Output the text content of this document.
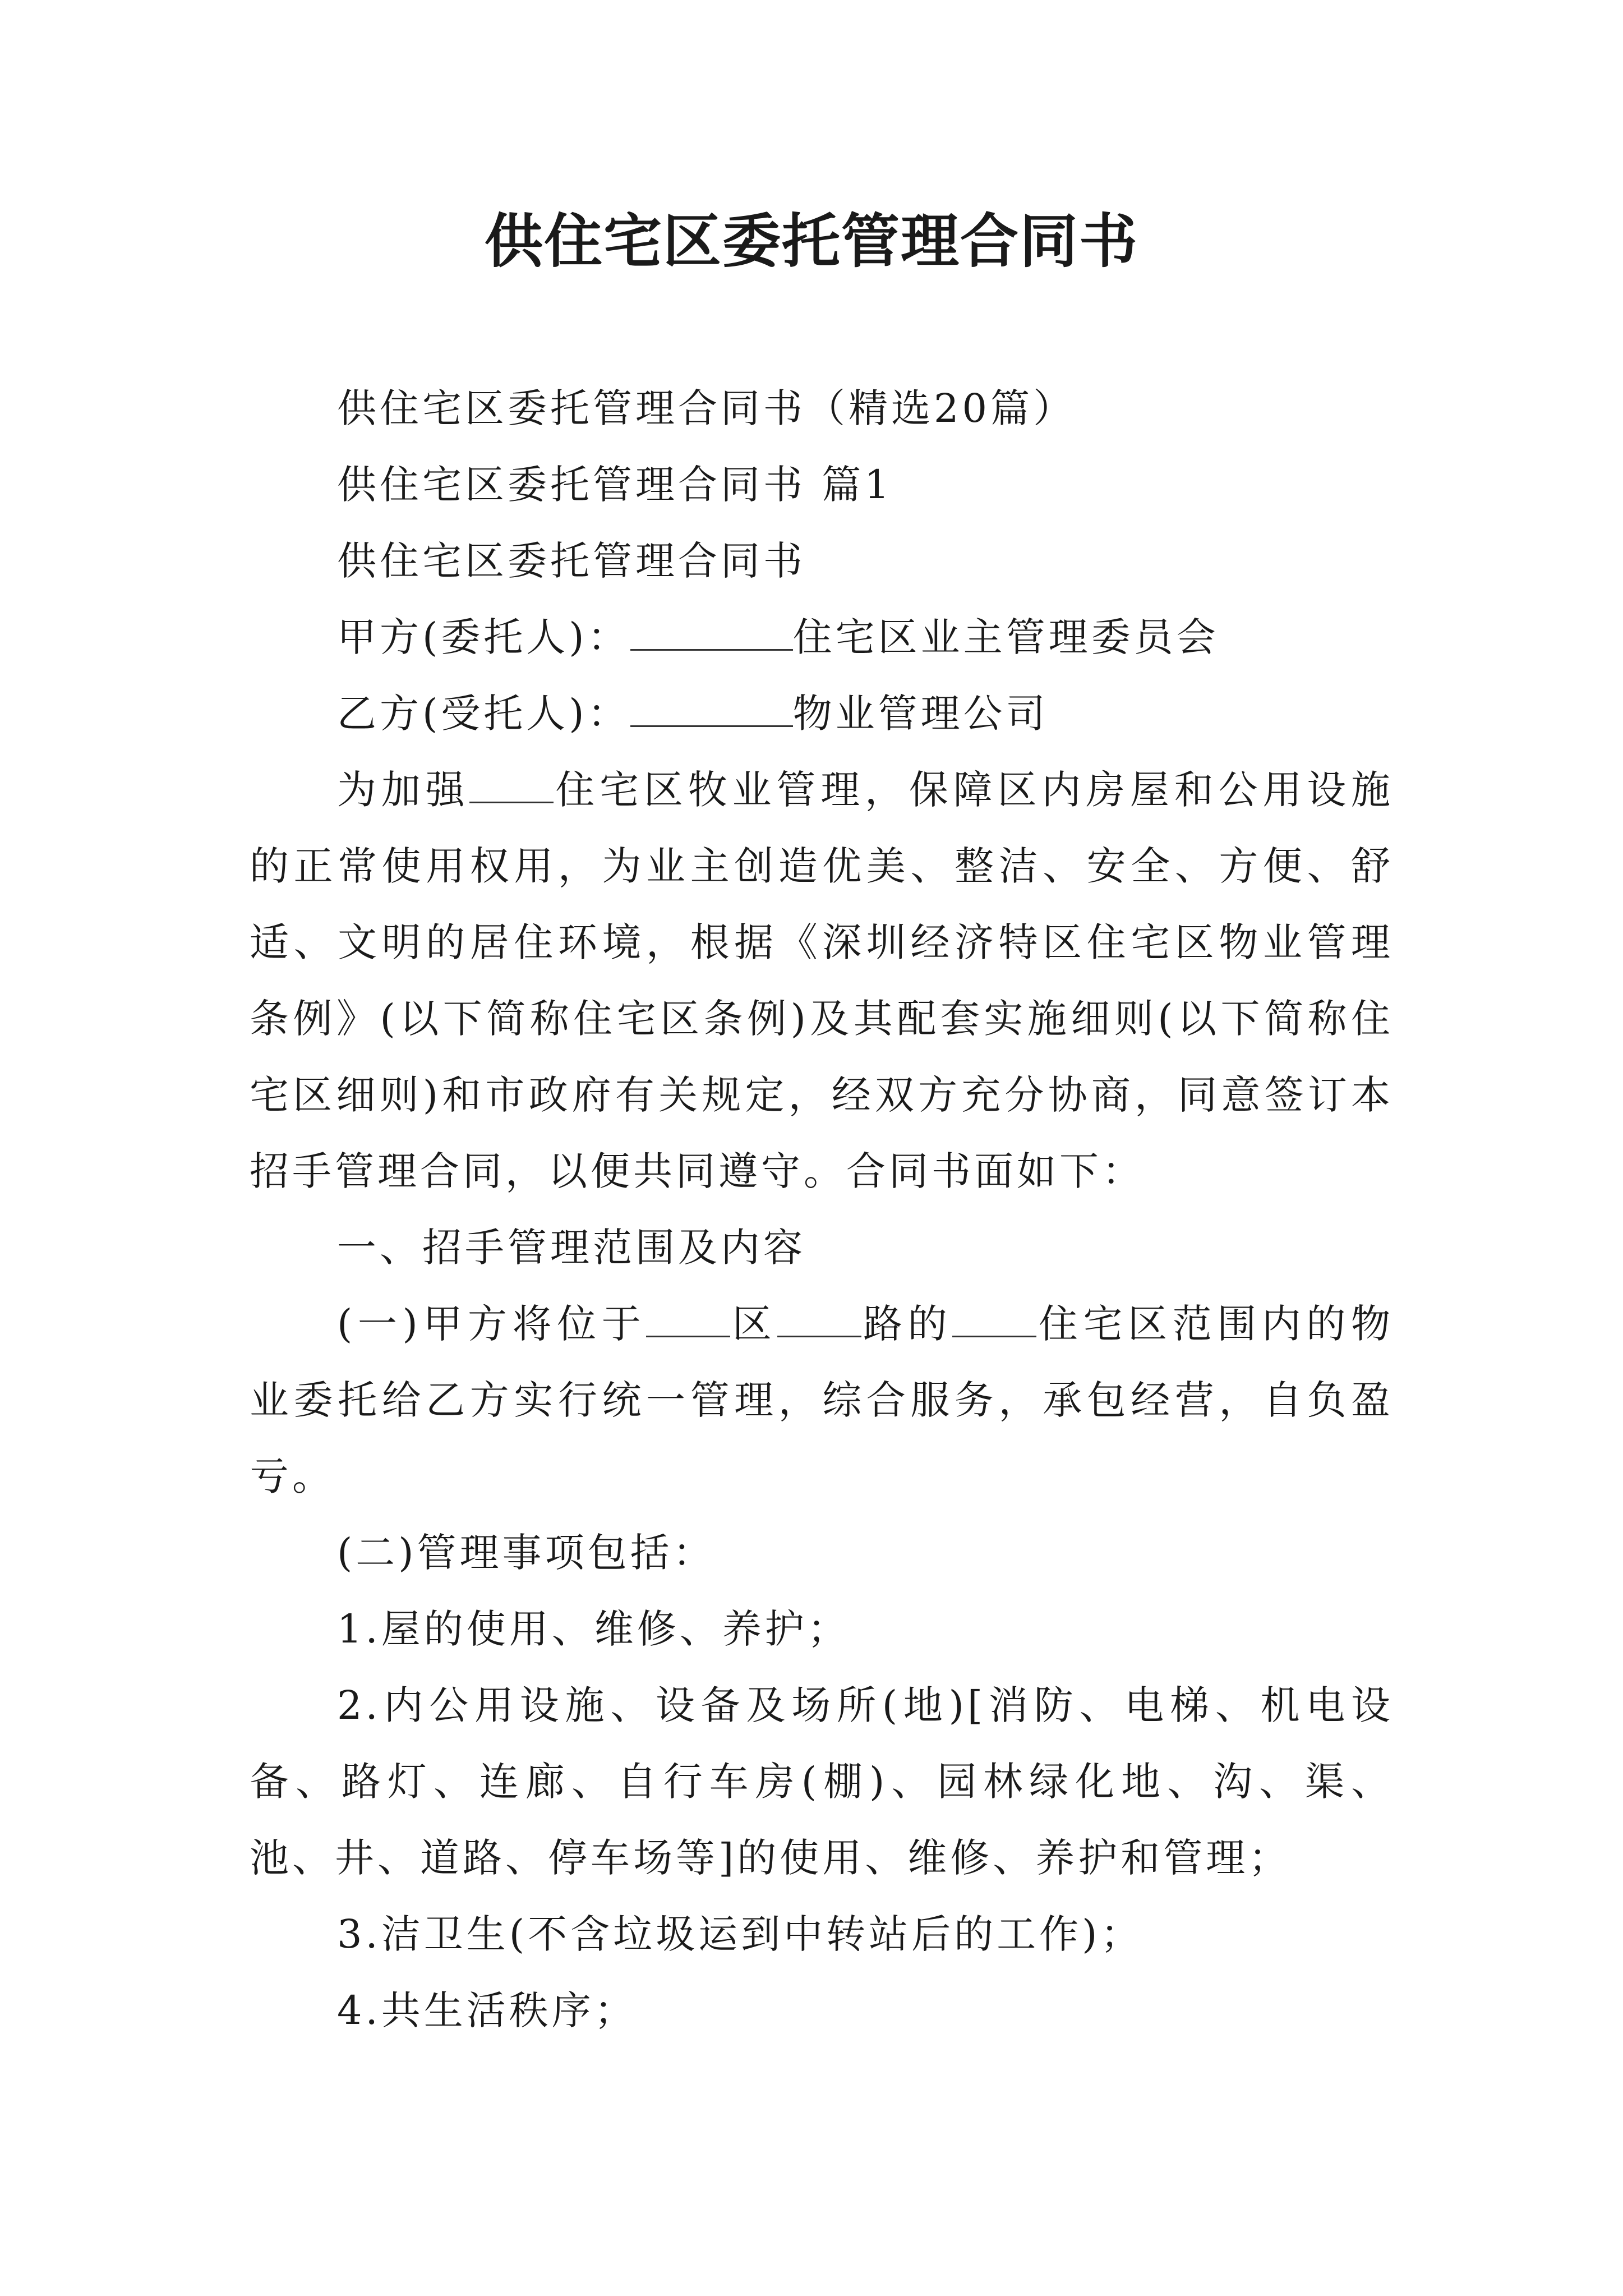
供住宅区委托管理合同书

供住宅区委托管理合同书（精选20篇）

供住宅区委托管理合同书 篇1

供住宅区委托管理合同书

甲方(委托人)：	住宅区业主管理委员会

乙方(受托人)：	物业管理公司

为加强 住宅区牧业管理，保障区内房屋和公用设施的正常使用权用，为业主创造优美、整洁、安全、方便、舒适、文明的居住环境，根据《深圳经济特区住宅区物业管理条例》(以下简称住宅区条例)及其配套实施细则(以下简称住宅区细则)和市政府有关规定，经双方充分协商，同意签订本招手管理合同，以便共同遵守。合同书面如下：

一、招手管理范围及内容

(一)甲方将位于 区 路的 住宅区范围内的物业委托给乙方实行统一管理，综合服务，承包经营，自负盈亏。

(二)管理事项包括：

1.屋的使用、维修、养护；

2.内公用设施、设备及场所(地)[消防、电梯、机电设备、路灯、连廊、自行车房(棚)、园林绿化地、沟、渠、池、井、道路、停车场等]的使用、维修、养护和管理；

3.洁卫生(不含垃圾运到中转站后的工作)；

4.共生活秩序；
